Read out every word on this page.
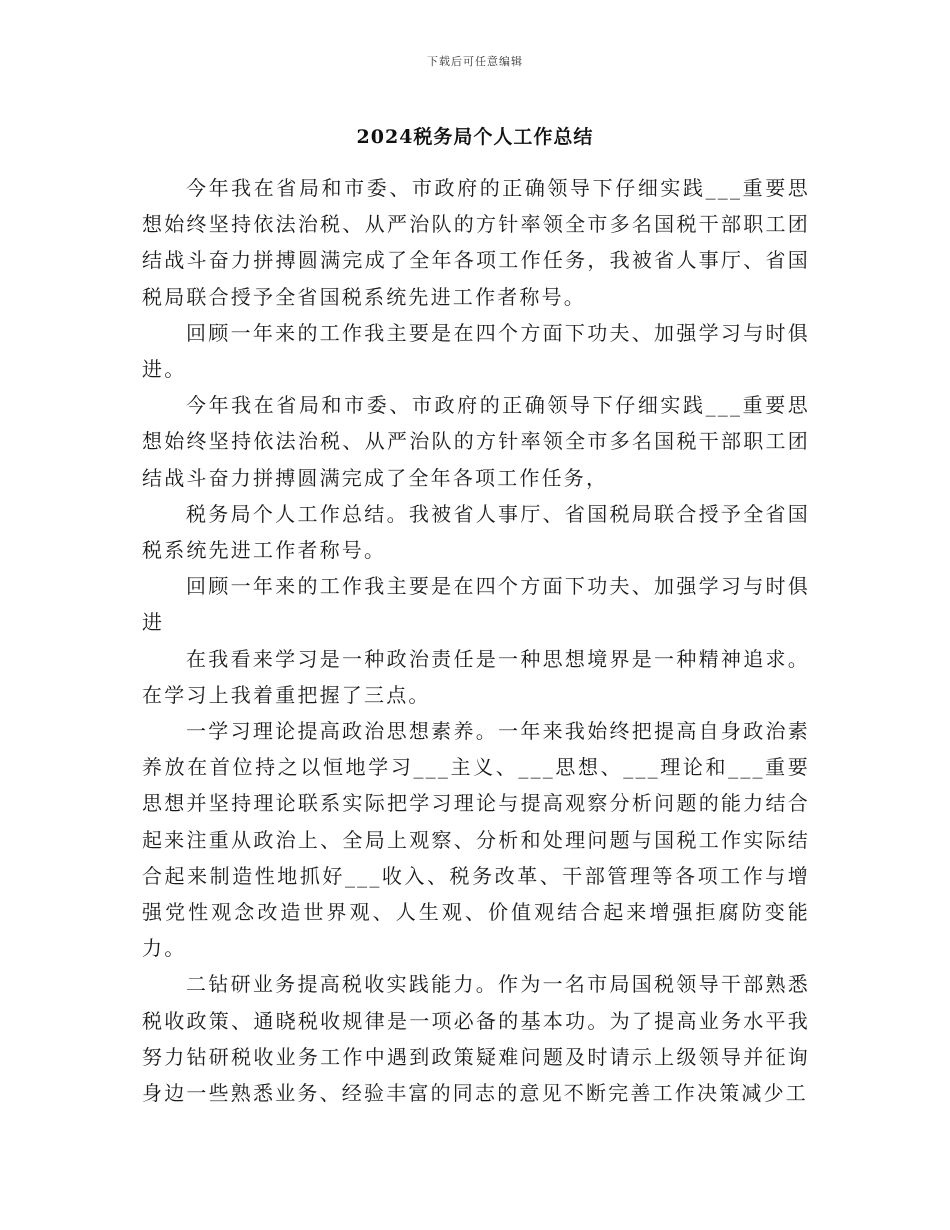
下载后可任意编辑
2024税务局个人工作总结

今年我在省局和市委、市政府的正确领导下仔细实践___重要思想始终坚持依法治税、从严治队的方针率领全市多名国税干部职工团结战斗奋力拼搏圆满完成了全年各项工作任务，我被省人事厅、省国税局联合授予全省国税系统先进工作者称号。

回顾一年来的工作我主要是在四个方面下功夫、加强学习与时俱进。

今年我在省局和市委、市政府的正确领导下仔细实践___重要思想始终坚持依法治税、从严治队的方针率领全市多名国税干部职工团结战斗奋力拼搏圆满完成了全年各项工作任务，

税务局个人工作总结。我被省人事厅、省国税局联合授予全省国税系统先进工作者称号。

回顾一年来的工作我主要是在四个方面下功夫、加强学习与时俱进

在我看来学习是一种政治责任是一种思想境界是一种精神追求。在学习上我着重把握了三点。

一学习理论提高政治思想素养。一年来我始终把提高自身政治素养放在首位持之以恒地学习___主义、___思想、___理论和___重要思想并坚持理论联系实际把学习理论与提高观察分析问题的能力结合起来注重从政治上、全局上观察、分析和处理问题与国税工作实际结合起来制造性地抓好___收入、税务改革、干部管理等各项工作与增强党性观念改造世界观、人生观、价值观结合起来增强拒腐防变能力。

二钻研业务提高税收实践能力。作为一名市局国税领导干部熟悉税收政策、通晓税收规律是一项必备的基本功。为了提高业务水平我努力钻研税收业务工作中遇到政策疑难问题及时请示上级领导并征询身边一些熟悉业务、经验丰富的同志的意见不断完善工作决策减少工
